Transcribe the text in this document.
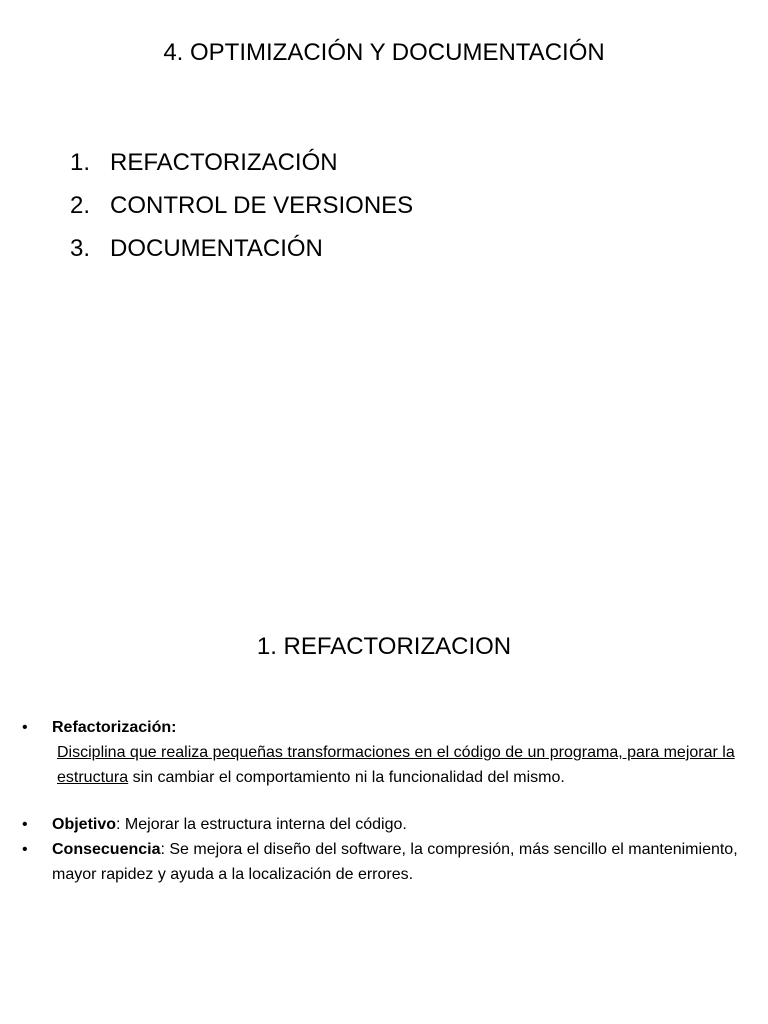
4. OPTIMIZACIÓN Y DOCUMENTACIÓN
1. REFACTORIZACIÓN
2. CONTROL DE VERSIONES
3. DOCUMENTACIÓN
1. REFACTORIZACION
• Refactorización:
Disciplina que realiza pequeñas transformaciones en el código de un programa, para mejorar la estructura sin cambiar el comportamiento ni la funcionalidad del mismo.
• Objetivo: Mejorar la estructura interna del código.
• Consecuencia: Se mejora el diseño del software, la compresión, más sencillo el mantenimiento, mayor rapidez y ayuda a la localización de errores.
